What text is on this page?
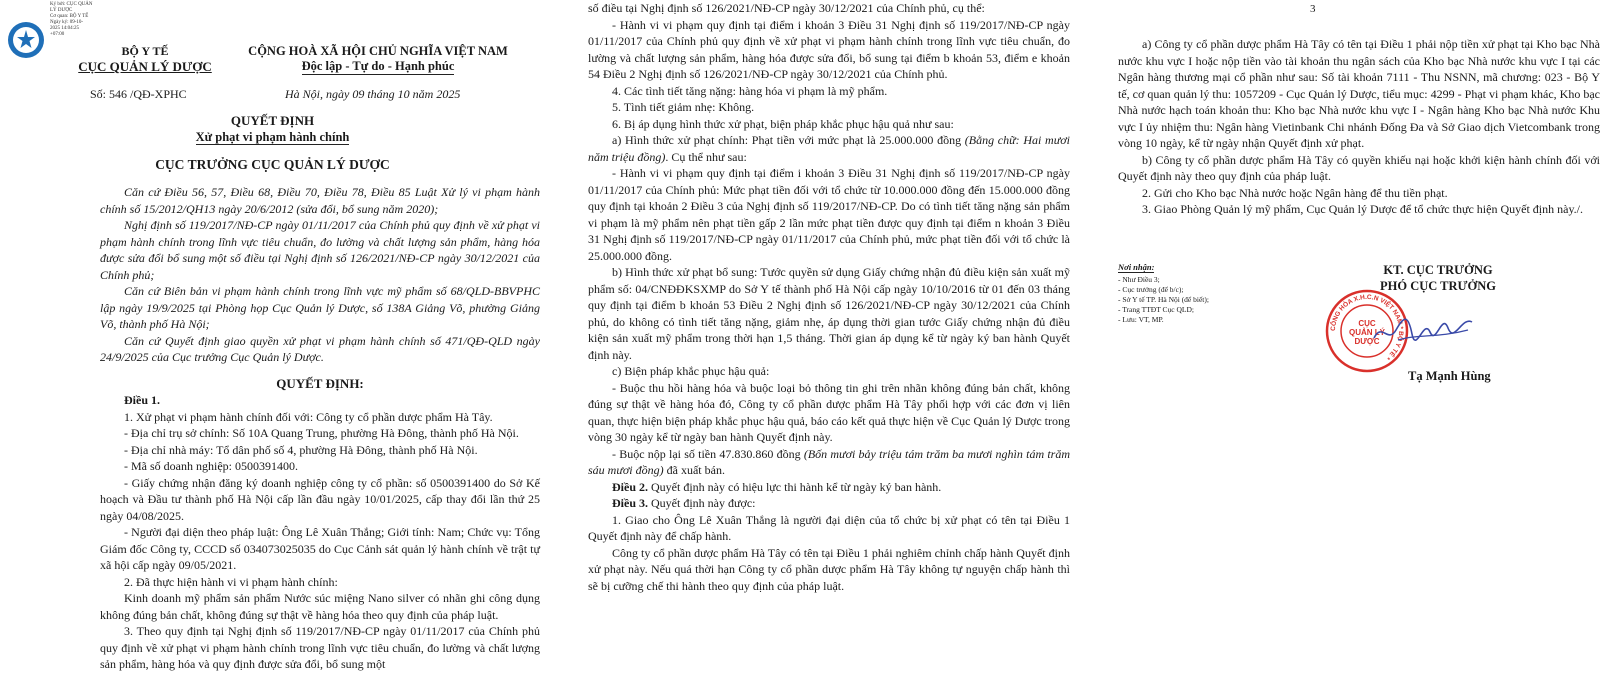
Ký bởi: CỤC QUẢN
LÝ DƯỢC
Cơ quan: BỘ Y TẾ
Ngày ký: 09-10-
2025 14:04:25
+07:00
BỘ Y TẾ
CỤC QUẢN LÝ DƯỢC
CỘNG HOÀ XÃ HỘI CHỦ NGHĨA VIỆT NAM
Độc lập - Tự do - Hạnh phúc
Số: 546 /QĐ-XPHC	Hà Nội, ngày 09 tháng 10 năm 2025
QUYẾT ĐỊNH
Xử phạt vi phạm hành chính
CỤC TRƯỞNG CỤC QUẢN LÝ DƯỢC

Căn cứ Điều 56, 57, Điều 68, Điều 70, Điều 78, Điều 85 Luật Xử lý vi phạm hành chính số 15/2012/QH13 ngày 20/6/2012 (sửa đổi, bổ sung năm 2020);

Nghị định số 119/2017/NĐ-CP ngày 01/11/2017 của Chính phủ quy định về xử phạt vi phạm hành chính trong lĩnh vực tiêu chuẩn, đo lường và chất lượng sản phẩm, hàng hóa được sửa đổi bổ sung một số điều tại Nghị định số 126/2021/NĐ-CP ngày 30/12/2021 của Chính phủ;

Căn cứ Biên bản vi phạm hành chính trong lĩnh vực mỹ phẩm số 68/QLD-BBVPHC lập ngày 19/9/2025 tại Phòng họp Cục Quản lý Dược, số 138A Giảng Võ, phường Giảng Võ, thành phố Hà Nội;

Căn cứ Quyết định giao quyền xử phạt vi phạm hành chính số 471/QĐ-QLD ngày 24/9/2025 của Cục trưởng Cục Quản lý Dược.

QUYẾT ĐỊNH:

Điều 1.

1. Xử phạt vi phạm hành chính đối với: Công ty cổ phần dược phẩm Hà Tây.

- Địa chỉ trụ sở chính: Số 10A Quang Trung, phường Hà Đông, thành phố Hà Nội.

- Địa chỉ nhà máy: Tổ dân phố số 4, phường Hà Đông, thành phố Hà Nội.

- Mã số doanh nghiệp: 0500391400.

- Giấy chứng nhận đăng ký doanh nghiệp công ty cổ phần: số 0500391400 do Sở Kế hoạch và Đầu tư thành phố Hà Nội cấp lần đầu ngày 10/01/2025, cấp thay đổi lần thứ 25 ngày 04/08/2025.

- Người đại diện theo pháp luật: Ông Lê Xuân Thắng; Giới tính: Nam; Chức vụ: Tổng Giám đốc Công ty, CCCD số 034073025035 do Cục Cảnh sát quản lý hành chính về trật tự xã hội cấp ngày 09/05/2021.

2. Đã thực hiện hành vi vi phạm hành chính:

Kinh doanh mỹ phẩm sản phẩm Nước súc miệng Nano silver có nhãn ghi công dụng không đúng bản chất, không đúng sự thật về hàng hóa theo quy định của pháp luật.

3. Theo quy định tại Nghị định số 119/2017/NĐ-CP ngày 01/11/2017 của Chính phủ quy định về xử phạt vi phạm hành chính trong lĩnh vực tiêu chuẩn, đo lường và chất lượng sản phẩm, hàng hóa và quy định được sửa đổi, bổ sung một

số điều tại Nghị định số 126/2021/NĐ-CP ngày 30/12/2021 của Chính phủ, cụ thể:

- Hành vi vi phạm quy định tại điểm i khoản 3 Điều 31 Nghị định số 119/2017/NĐ-CP ngày 01/11/2017 của Chính phủ quy định về xử phạt vi phạm hành chính trong lĩnh vực tiêu chuẩn, đo lường và chất lượng sản phẩm, hàng hóa được sửa đổi, bổ sung tại điểm b khoản 53, điểm e khoản 54 Điều 2 Nghị định số 126/2021/NĐ-CP ngày 30/12/2021 của Chính phủ.

4. Các tình tiết tăng nặng: hàng hóa vi phạm là mỹ phẩm.

5. Tình tiết giảm nhẹ: Không.

6. Bị áp dụng hình thức xử phạt, biện pháp khắc phục hậu quả như sau:

a) Hình thức xử phạt chính: Phạt tiền với mức phạt là 25.000.000 đồng (Bằng chữ: Hai mươi năm triệu đồng). Cụ thể như sau:

- Hành vi vi phạm quy định tại điểm i khoản 3 Điều 31 Nghị định số 119/2017/NĐ-CP ngày 01/11/2017 của Chính phủ: Mức phạt tiền đối với tổ chức từ 10.000.000 đồng đến 15.000.000 đồng quy định tại khoản 2 Điều 3 của Nghị định số 119/2017/NĐ-CP. Do có tình tiết tăng nặng sản phẩm vi phạm là mỹ phẩm nên phạt tiền gấp 2 lần mức phạt tiền được quy định tại điểm n khoản 3 Điều 31 Nghị định số 119/2017/NĐ-CP ngày 01/11/2017 của Chính phủ, mức phạt tiền đối với tổ chức là 25.000.000 đồng.

b) Hình thức xử phạt bổ sung: Tước quyền sử dụng Giấy chứng nhận đủ điều kiện sản xuất mỹ phẩm số: 04/CNĐĐKSXMP do Sở Y tế thành phố Hà Nội cấp ngày 10/10/2016 từ 01 đến 03 tháng quy định tại điểm b khoản 53 Điều 2 Nghị định số 126/2021/NĐ-CP ngày 30/12/2021 của Chính phủ, do không có tình tiết tăng nặng, giảm nhẹ, áp dụng thời gian tước Giấy chứng nhận đủ điều kiện sản xuất mỹ phẩm trong thời hạn 1,5 tháng. Thời gian áp dụng kể từ ngày ký ban hành Quyết định này.

c) Biện pháp khắc phục hậu quả:

- Buộc thu hồi hàng hóa và buộc loại bỏ thông tin ghi trên nhãn không đúng bản chất, không đúng sự thật về hàng hóa đó, Công ty cổ phần dược phẩm Hà Tây phối hợp với các đơn vị liên quan, thực hiện biện pháp khắc phục hậu quả, báo cáo kết quả thực hiện về Cục Quản lý Dược trong vòng 30 ngày kể từ ngày ban hành Quyết định này.

- Buộc nộp lại số tiền 47.830.860 đồng (Bốn mươi bảy triệu tám trăm ba mươi nghìn tám trăm sáu mươi đồng) đã xuất bán.

Điều 2. Quyết định này có hiệu lực thi hành kể từ ngày ký ban hành.

Điều 3. Quyết định này được:

1. Giao cho Ông Lê Xuân Thắng là người đại diện của tổ chức bị xử phạt có tên tại Điều 1 Quyết định này để chấp hành.

Công ty cổ phần dược phẩm Hà Tây có tên tại Điều 1 phải nghiêm chỉnh chấp hành Quyết định xử phạt này. Nếu quá thời hạn Công ty cổ phần dược phẩm Hà Tây không tự nguyện chấp hành thì sẽ bị cưỡng chế thi hành theo quy định của pháp luật.

3

a) Công ty cổ phần dược phẩm Hà Tây có tên tại Điều 1 phải nộp tiền xử phạt tại Kho bạc Nhà nước khu vực I hoặc nộp tiền vào tài khoản thu ngân sách của Kho bạc Nhà nước khu vực I tại các Ngân hàng thương mại cổ phần như sau: Số tài khoản 7111 - Thu NSNN, mã chương: 023 - Bộ Y tế, cơ quan quản lý thu: 1057209 - Cục Quản lý Dược, tiểu mục: 4299 - Phạt vi phạm khác, Kho bạc Nhà nước hạch toán khoản thu: Kho bạc Nhà nước khu vực I - Ngân hàng Kho bạc Nhà nước Khu vực I ủy nhiệm thu: Ngân hàng Vietinbank Chi nhánh Đống Đa và Sở Giao dịch Vietcombank trong vòng 10 ngày, kể từ ngày nhận Quyết định xử phạt.

b) Công ty cổ phần dược phẩm Hà Tây có quyền khiếu nại hoặc khởi kiện hành chính đối với Quyết định này theo quy định của pháp luật.

2. Gửi cho Kho bạc Nhà nước hoặc Ngân hàng để thu tiền phạt.

3. Giao Phòng Quản lý mỹ phẩm, Cục Quản lý Dược để tổ chức thực hiện Quyết định này./.

Nơi nhận:
- Như Điều 3;
- Cục trưởng (để b/c);
- Sở Y tế TP. Hà Nội (để biết);
- Trang TTĐT Cục QLD;
- Lưu: VT, MP.
KT. CỤC TRƯỞNG
PHÓ CỤC TRƯỞNG
CÔNG HÒA X.H.C.N VIỆT NAM * BỘ Y TẾ *
CỤC
QUẢN LÝ
DƯỢC
Tạ Mạnh Hùng
